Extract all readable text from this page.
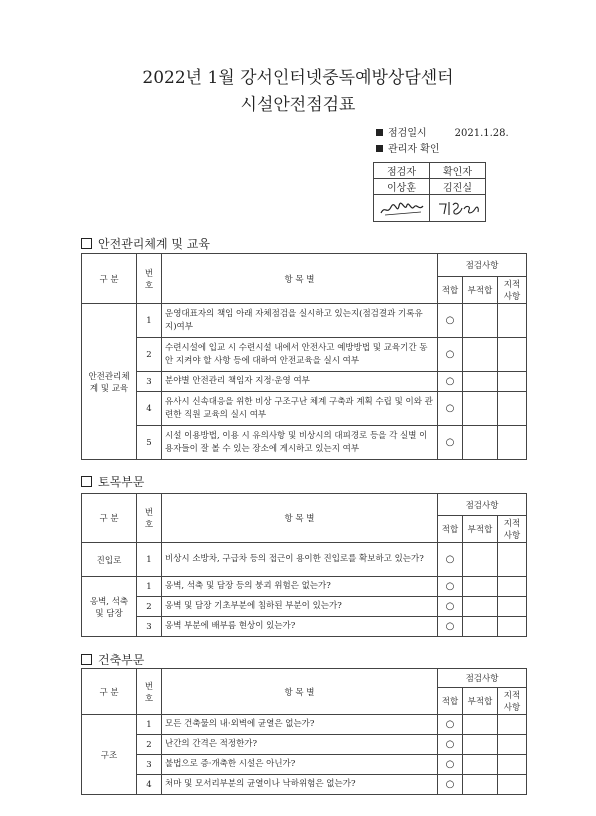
2022년 1월 강서인터넷중독예방상담센터
시설안전점검표
점검일시	2021.1.28.
관리자 확인
점검자	확인자
이상훈	김진실

안전관리체계 및 교육
구 분	번 호	항 목 별	점검사항		
			적합	부적합	지적사항
안전관리체계 및 교육	1	운영대표자의 책임 아래 자체점검을 실시하고 있는지(점검결과 기록유지)여부	○		
	2	수련시설에 입교 시 수련시설 내에서 안전사고 예방방법 및 교육기간 동안 지켜야 할 사항 등에 대하여 안전교육을 실시 여부	○		
	3	분야별 안전관리 책임자 지정·운영 여부	○		
	4	유사시 신속대응을 위한 비상 구조구난 체계 구축과 계획 수립 및 이와 관련한 직원 교육의 실시 여부	○		
	5	시설 이용방법, 이용 시 유의사항 및 비상시의 대피경로 등을 각 실별 이용자들이 잘 볼 수 있는 장소에 게시하고 있는지 여부	○		
토목부문
구 분	번 호	항 목 별	점검사항		
			적합	부적합	지적사항
진입로	1	비상시 소방차, 구급차 등의 접근이 용이한 진입로를 확보하고 있는가?	○		
옹벽, 석축 및 담장	1	옹벽, 석축 및 담장 등의 붕괴 위험은 없는가?	○		
	2	옹벽 및 담장 기초부분에 침하된 부분이 있는가?	○		
	3	옹벽 부분에 배부름 현상이 있는가?	○		
건축부문
구 분	번 호	항 목 별	점검사항		
			적합	부적합	지적사항
구조	1	모든 건축물의 내·외벽에 균열은 없는가?	○		
	2	난간의 간격은 적정한가?	○		
	3	불법으로 증·개축한 시설은 아닌가?	○		
	4	처마 및 모서리부분의 균열이나 낙하위험은 없는가?	○		
